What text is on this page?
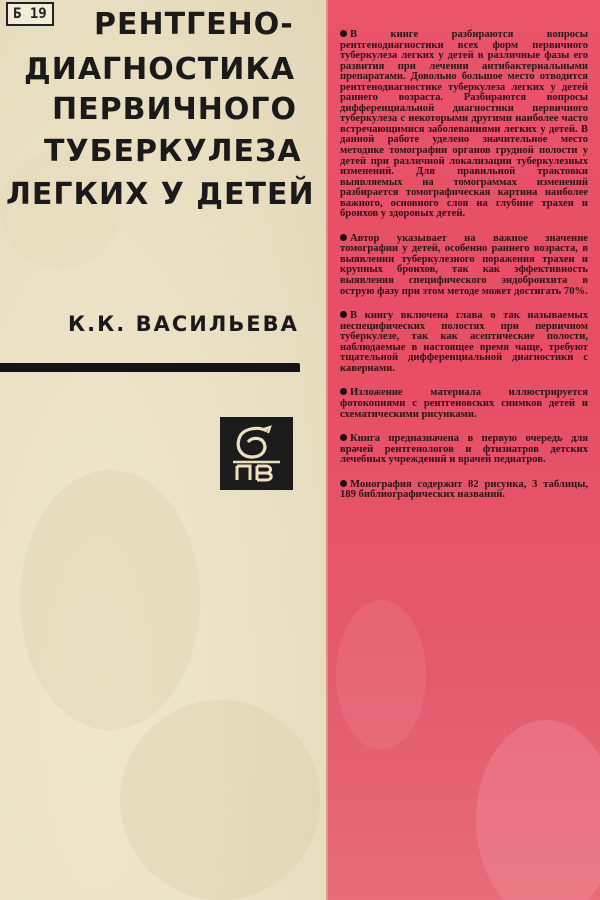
Б 19 РЕНТГЕНО-
ДИАГНОСТИКА
ПЕРВИЧНОГО
ТУБЕРКУЛЕЗА
ЛЕГКИХ У ДЕТЕЙ
К.К. ВАСИЛЬЕВА

В книге разбираются вопросы рентгенодиагностики всех форм первичного туберкулеза легких у детей в различные фазы его развития при лечении антибактериальными препаратами. Довольно большое место отводится рентгенодиагностике туберкулеза легких у детей раннего возраста. Разбираются вопросы дифференциальной диагностики первичного туберкулеза с некоторыми другими наиболее часто встречающимися заболеваниями легких у детей. В данной работе уделено значительное место методике томографии органов грудной полости у детей при различной локализации туберкулезных изменений. Для правильной трактовки выявляемых на томограммах изменений разбирается томографическая картина наиболее важного, основного слоя на глубине трахеи и бронхов у здоровых детей.

Автор указывает на важное значение томографии у детей, особенно раннего возраста, в выявлении туберкулезного поражения трахеи и крупных бронхов, так как эффективность выявления специфического эндобронхита в острую фазу при этом методе может достигать 70%.

В книгу включена глава о так называемых неспецифических полостях при первичном туберкулезе, так как асептические полости, наблюдаемые в настоящее время чаще, требуют тщательной дифференциальной диагностики с кавернами.

Изложение материала иллюстрируется фотокопиями с рентгеновских снимков детей и схематическими рисунками.

Книга предназначена в первую очередь для врачей рентгенологов и фтизиатров детских лечебных учреждений и врачей педиатров.

Монография содержит 82 рисунка, 3 таблицы, 189 библиографических названий.
